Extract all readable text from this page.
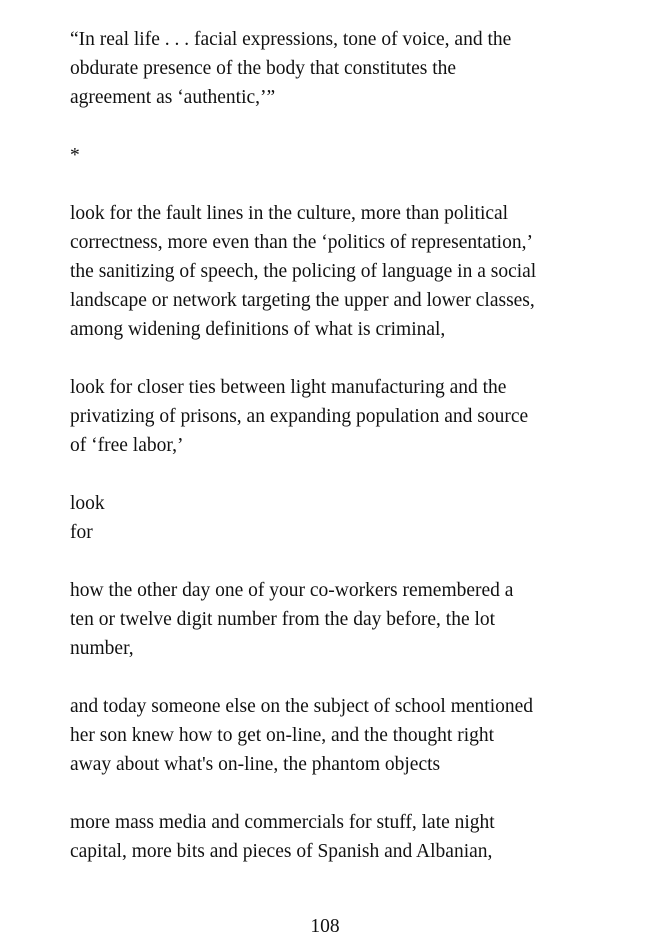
“In real life . . . facial expressions, tone of voice, and the
obdurate presence of the body that constitutes the
agreement as ‘authentic,’”
*
look for the fault lines in the culture, more than political
correctness, more even than the ‘politics of representation,’
the sanitizing of speech, the policing of language in a social
landscape or network targeting the upper and lower classes,
among widening definitions of what is criminal,
look for closer ties between light manufacturing and the
privatizing of prisons, an expanding population and source
of ‘free labor,’
look
for
how the other day one of your co-workers remembered a
ten or twelve digit number from the day before, the lot
number,
and today someone else on the subject of school mentioned
her son knew how to get on-line, and the thought right
away about what's on-line, the phantom objects
more mass media and commercials for stuff, late night
capital, more bits and pieces of Spanish and Albanian,
108
